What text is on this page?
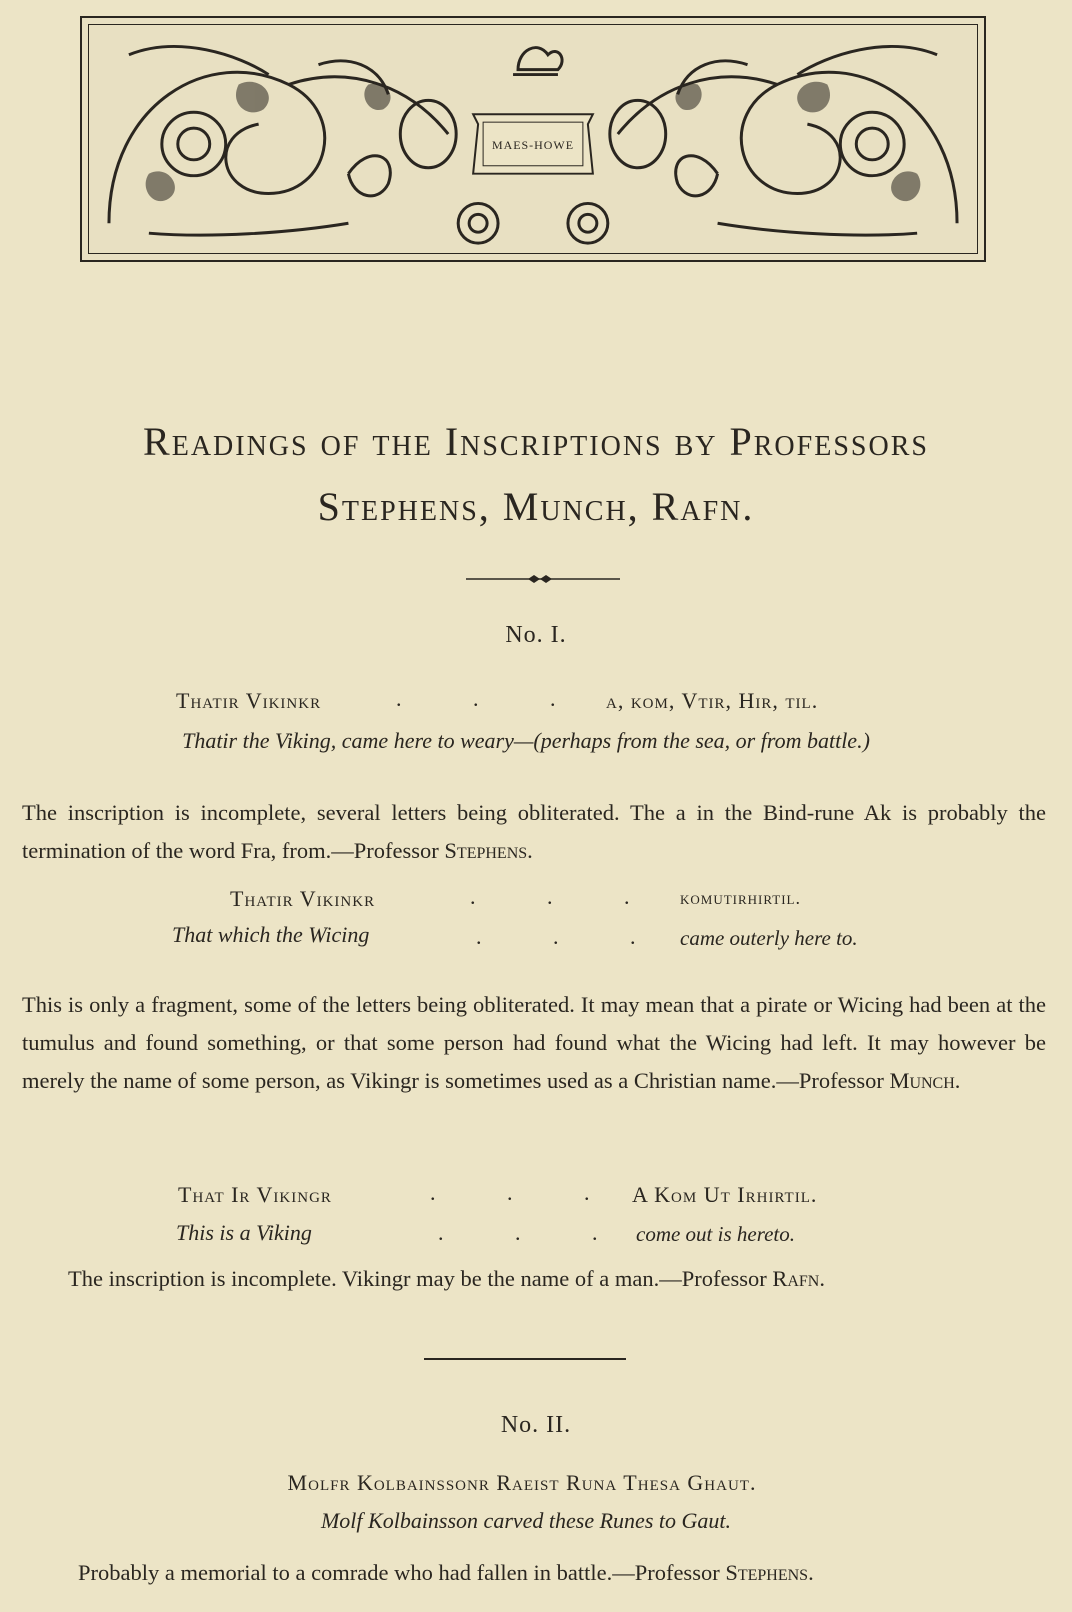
MAES-HOWE
Readings of the Inscriptions by Professors
Stephens, Munch, Rafn.
No. I.
Thatir Vikinkr	.             .             . a, kom, Vtir, Hir, til.
Thatir the Viking, came here to weary—(perhaps from the sea, or from battle.)
The inscription is incomplete, several letters being obliterated. The a in the Bind-rune Ak is probably the termination of the word Fra, from.—Professor Stephens.
Thatir Vikinkr	.             .             .	komutirhirtil.
That which the Wicing	.             .             . came outerly here to.
This is only a fragment, some of the letters being obliterated. It may mean that a pirate or Wicing had been at the tumulus and found something, or that some person had found what the Wicing had left. It may however be merely the name of some person, as Vikingr is sometimes used as a Christian name.—Professor Munch.
That Ir Vikingr	.             .             . A Kom Ut Irhirtil.
This is a Viking	.             .             . come out is hereto.
The inscription is incomplete. Vikingr may be the name of a man.—Professor Rafn.
No. II.
Molfr Kolbainssonr Raeist Runa Thesa Ghaut.
Molf Kolbainsson carved these Runes to Gaut.
Probably a memorial to a comrade who had fallen in battle.—Professor Stephens.
